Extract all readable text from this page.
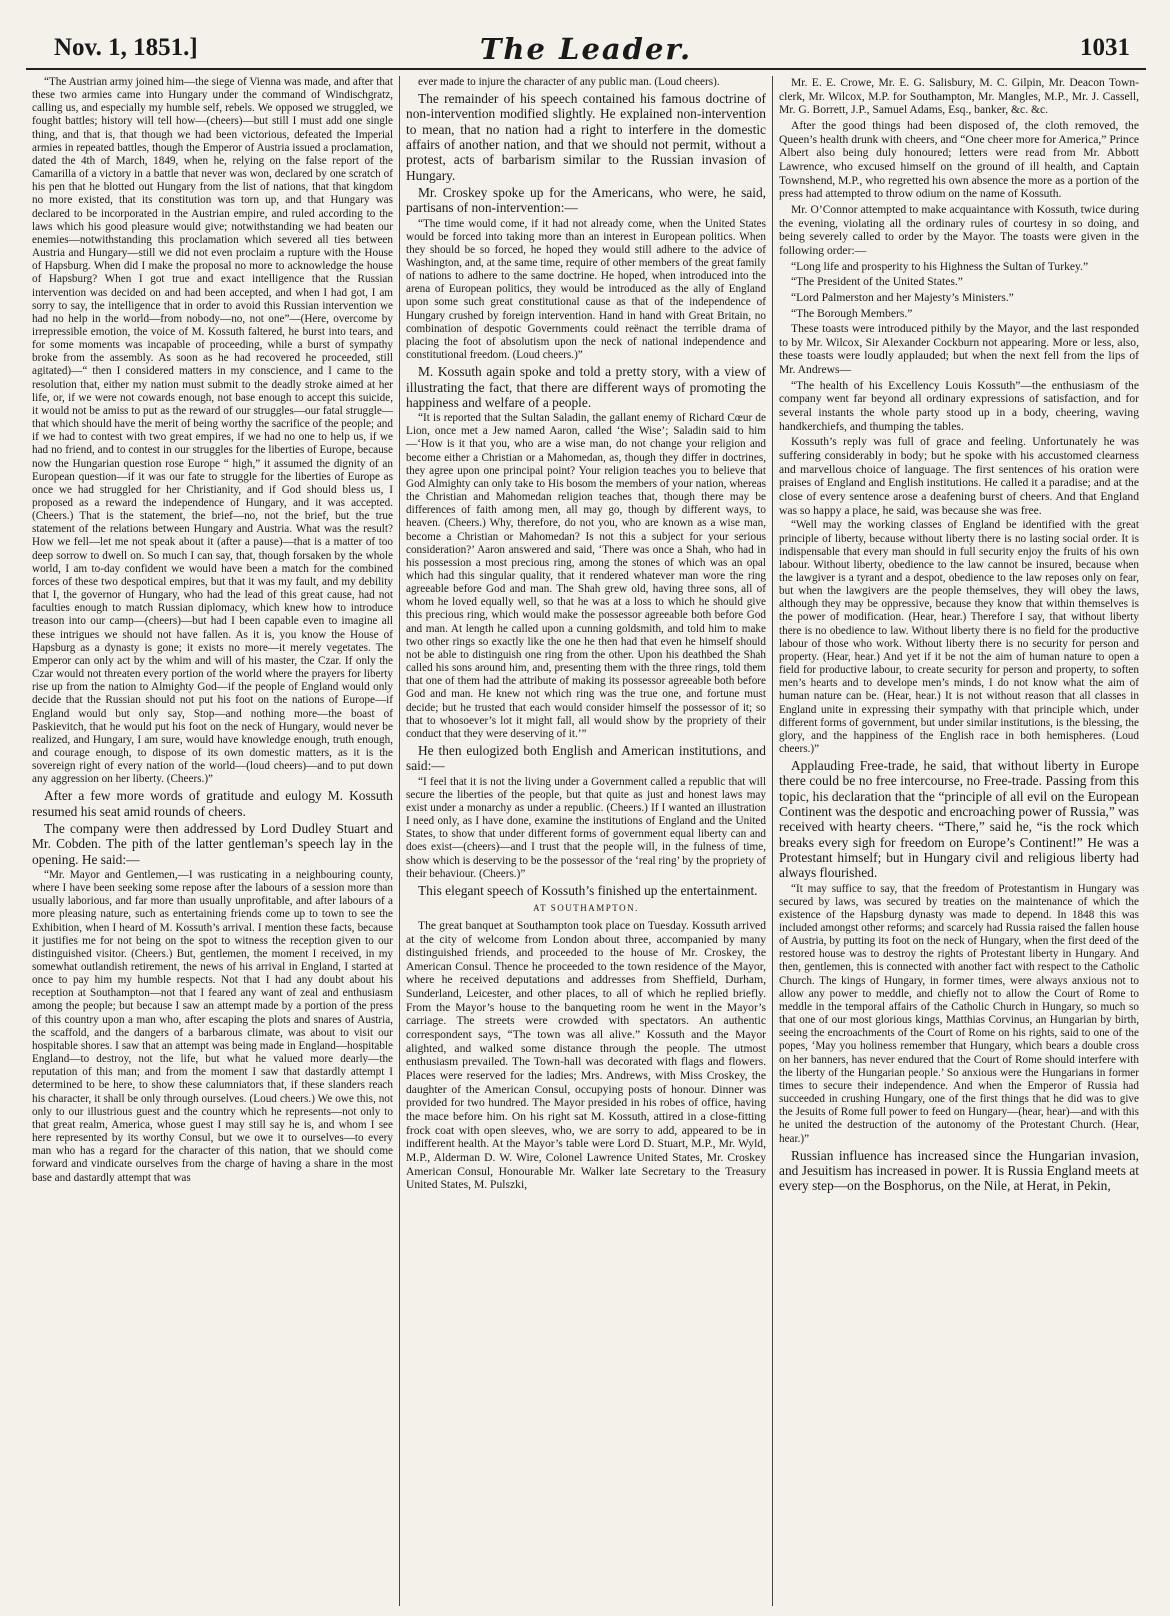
Nov. 1, 1851.]	The Leader.	1031

“The Austrian army joined him—the siege of Vienna was made, and after that these two armies came into Hungary under the command of Windischgratz, calling us, and especially my humble self, rebels. We opposed we struggled, we fought battles; history will tell how—(cheers)—but still I must add one single thing, and that is, that though we had been victorious, defeated the Imperial armies in repeated battles, though the Emperor of Austria issued a proclamation, dated the 4th of March, 1849, when he, relying on the false report of the Camarilla of a victory in a battle that never was won, declared by one scratch of his pen that he blotted out Hungary from the list of nations, that that kingdom no more existed, that its constitution was torn up, and that Hungary was declared to be incorporated in the Austrian empire, and ruled according to the laws which his good pleasure would give; notwithstanding we had beaten our enemies—notwithstanding this proclamation which severed all ties between Austria and Hungary—still we did not even proclaim a rupture with the House of Hapsburg. When did I make the proposal no more to acknowledge the house of Hapsburg? When I got true and exact intelligence that the Russian intervention was decided on and had been accepted, and when I had got, I am sorry to say, the intelligence that in order to avoid this Russian intervention we had no help in the world—from nobody—no, not one”—(Here, overcome by irrepressible emotion, the voice of M. Kossuth faltered, he burst into tears, and for some moments was incapable of proceeding, while a burst of sympathy broke from the assembly. As soon as he had recovered he proceeded, still agitated)—“ then I considered matters in my conscience, and I came to the resolution that, either my nation must submit to the deadly stroke aimed at her life, or, if we were not cowards enough, not base enough to accept this suicide, it would not be amiss to put as the reward of our struggles—our fatal struggle—that which should have the merit of being worthy the sacrifice of the people; and if we had to contest with two great empires, if we had no one to help us, if we had no friend, and to contest in our struggles for the liberties of Europe, because now the Hungarian question rose Europe “ high,” it assumed the dignity of an European question—if it was our fate to struggle for the liberties of Europe as once we had struggled for her Christianity, and if God should bless us, I proposed as a reward the independence of Hungary, and it was accepted. (Cheers.) That is the statement, the brief—no, not the brief, but the true statement of the relations between Hungary and Austria. What was the result? How we fell—let me not speak about it (after a pause)—that is a matter of too deep sorrow to dwell on. So much I can say, that, though forsaken by the whole world, I am to-day confident we would have been a match for the combined forces of these two despotical empires, but that it was my fault, and my debility that I, the governor of Hungary, who had the lead of this great cause, had not faculties enough to match Russian diplomacy, which knew how to introduce treason into our camp—(cheers)—but had I been capable even to imagine all these intrigues we should not have fallen. As it is, you know the House of Hapsburg as a dynasty is gone; it exists no more—it merely vegetates. The Emperor can only act by the whim and will of his master, the Czar. If only the Czar would not threaten every portion of the world where the prayers for liberty rise up from the nation to Almighty God—if the people of England would only decide that the Russian should not put his foot on the nations of Europe—if England would but only say, Stop—and nothing more—the boast of Paskievitch, that he would put his foot on the neck of Hungary, would never be realized, and Hungary, I am sure, would have knowledge enough, truth enough, and courage enough, to dispose of its own domestic matters, as it is the sovereign right of every nation of the world—(loud cheers)—and to put down any aggression on her liberty. (Cheers.)”

After a few more words of gratitude and eulogy M. Kossuth resumed his seat amid rounds of cheers.

The company were then addressed by Lord Dudley Stuart and Mr. Cobden. The pith of the latter gentleman’s speech lay in the opening. He said:—

“Mr. Mayor and Gentlemen,—I was rusticating in a neighbouring county, where I have been seeking some repose after the labours of a session more than usually laborious, and far more than usually unprofitable, and after labours of a more pleasing nature, such as entertaining friends come up to town to see the Exhibition, when I heard of M. Kossuth’s arrival. I mention these facts, because it justifies me for not being on the spot to witness the reception given to our distinguished visitor. (Cheers.) But, gentlemen, the moment I received, in my somewhat outlandish retirement, the news of his arrival in England, I started at once to pay him my humble respects. Not that I had any doubt about his reception at Southampton—not that I feared any want of zeal and enthusiasm among the people; but because I saw an attempt made by a portion of the press of this country upon a man who, after escaping the plots and snares of Austria, the scaffold, and the dangers of a barbarous climate, was about to visit our hospitable shores. I saw that an attempt was being made in England—hospitable England—to destroy, not the life, but what he valued more dearly—the reputation of this man; and from the moment I saw that dastardly attempt I determined to be here, to show these calumniators that, if these slanders reach his character, it shall be only through ourselves. (Loud cheers.) We owe this, not only to our illustrious guest and the country which he represents—not only to that great realm, America, whose guest I may still say he is, and whom I see here represented by its worthy Consul, but we owe it to ourselves—to every man who has a regard for the character of this nation, that we should come forward and vindicate ourselves from the charge of having a share in the most base and dastardly attempt that was

ever made to injure the character of any public man. (Loud cheers).

The remainder of his speech contained his famous doctrine of non-intervention modified slightly. He explained non-intervention to mean, that no nation had a right to interfere in the domestic affairs of another nation, and that we should not permit, without a protest, acts of barbarism similar to the Russian invasion of Hungary.

Mr. Croskey spoke up for the Americans, who were, he said, partisans of non-intervention:—

“The time would come, if it had not already come, when the United States would be forced into taking more than an interest in European politics. When they should be so forced, he hoped they would still adhere to the advice of Washington, and, at the same time, require of other members of the great family of nations to adhere to the same doctrine. He hoped, when introduced into the arena of European politics, they would be introduced as the ally of England upon some such great constitutional cause as that of the independence of Hungary crushed by foreign intervention. Hand in hand with Great Britain, no combination of despotic Governments could reënact the terrible drama of placing the foot of absolutism upon the neck of national independence and constitutional freedom. (Loud cheers.)”

M. Kossuth again spoke and told a pretty story, with a view of illustrating the fact, that there are different ways of promoting the happiness and welfare of a people.

“It is reported that the Sultan Saladin, the gallant enemy of Richard Cœur de Lion, once met a Jew named Aaron, called ‘the Wise’; Saladin said to him—‘How is it that you, who are a wise man, do not change your religion and become either a Christian or a Mahomedan, as, though they differ in doctrines, they agree upon one principal point? Your religion teaches you to believe that God Almighty can only take to His bosom the members of your nation, whereas the Christian and Mahomedan religion teaches that, though there may be differences of faith among men, all may go, though by different ways, to heaven. (Cheers.) Why, therefore, do not you, who are known as a wise man, become a Christian or Mahomedan? Is not this a subject for your serious consideration?’ Aaron answered and said, ‘There was once a Shah, who had in his possession a most precious ring, among the stones of which was an opal which had this singular quality, that it rendered whatever man wore the ring agreeable before God and man. The Shah grew old, having three sons, all of whom he loved equally well, so that he was at a loss to which he should give this precious ring, which would make the possessor agreeable both before God and man. At length he called upon a cunning goldsmith, and told him to make two other rings so exactly like the one he then had that even he himself should not be able to distinguish one ring from the other. Upon his deathbed the Shah called his sons around him, and, presenting them with the three rings, told them that one of them had the attribute of making its possessor agreeable both before God and man. He knew not which ring was the true one, and fortune must decide; but he trusted that each would consider himself the possessor of it; so that to whosoever’s lot it might fall, all would show by the propriety of their conduct that they were deserving of it.’”

He then eulogized both English and American institutions, and said:—

“I feel that it is not the living under a Government called a republic that will secure the liberties of the people, but that quite as just and honest laws may exist under a monarchy as under a republic. (Cheers.) If I wanted an illustration I need only, as I have done, examine the institutions of England and the United States, to show that under different forms of government equal liberty can and does exist—(cheers)—and I trust that the people will, in the fulness of time, show which is deserving to be the possessor of the ‘real ring’ by the propriety of their behaviour. (Cheers.)”

This elegant speech of Kossuth’s finished up the entertainment.

AT SOUTHAMPTON.

The great banquet at Southampton took place on Tuesday. Kossuth arrived at the city of welcome from London about three, accompanied by many distinguished friends, and proceeded to the house of Mr. Croskey, the American Consul. Thence he proceeded to the town residence of the Mayor, where he received deputations and addresses from Sheffield, Durham, Sunderland, Leicester, and other places, to all of which he replied briefly. From the Mayor’s house to the banqueting room he went in the Mayor’s carriage. The streets were crowded with spectators. An authentic correspondent says, “The town was all alive.” Kossuth and the Mayor alighted, and walked some distance through the people. The utmost enthusiasm prevailed. The Town-hall was decorated with flags and flowers. Places were reserved for the ladies; Mrs. Andrews, with Miss Croskey, the daughter of the American Consul, occupying posts of honour. Dinner was provided for two hundred. The Mayor presided in his robes of office, having the mace before him. On his right sat M. Kossuth, attired in a close-fitting frock coat with open sleeves, who, we are sorry to add, appeared to be in indifferent health. At the Mayor’s table were Lord D. Stuart, M.P., Mr. Wyld, M.P., Alderman D. W. Wire, Colonel Lawrence United States, Mr. Croskey American Consul, Honourable Mr. Walker late Secretary to the Treasury United States, M. Pulszki,

Mr. E. E. Crowe, Mr. E. G. Salisbury, M. C. Gilpin, Mr. Deacon Town-clerk, Mr. Wilcox, M.P. for Southampton, Mr. Mangles, M.P., Mr. J. Cassell, Mr. G. Borrett, J.P., Samuel Adams, Esq., banker, &c. &c.

After the good things had been disposed of, the cloth removed, the Queen’s health drunk with cheers, and “One cheer more for America,” Prince Albert also being duly honoured; letters were read from Mr. Abbott Lawrence, who excused himself on the ground of ill health, and Captain Townshend, M.P., who regretted his own absence the more as a portion of the press had attempted to throw odium on the name of Kossuth.

Mr. O’Connor attempted to make acquaintance with Kossuth, twice during the evening, violating all the ordinary rules of courtesy in so doing, and being severely called to order by the Mayor. The toasts were given in the following order:—

“Long life and prosperity to his Highness the Sultan of Turkey.”

“The President of the United States.”

“Lord Palmerston and her Majesty’s Ministers.”

“The Borough Members.”

These toasts were introduced pithily by the Mayor, and the last responded to by Mr. Wilcox, Sir Alexander Cockburn not appearing. More or less, also, these toasts were loudly applauded; but when the next fell from the lips of Mr. Andrews—

“The health of his Excellency Louis Kossuth”—the enthusiasm of the company went far beyond all ordinary expressions of satisfaction, and for several instants the whole party stood up in a body, cheering, waving handkerchiefs, and thumping the tables.

Kossuth’s reply was full of grace and feeling. Unfortunately he was suffering considerably in body; but he spoke with his accustomed clearness and marvellous choice of language. The first sentences of his oration were praises of England and English institutions. He called it a paradise; and at the close of every sentence arose a deafening burst of cheers. And that England was so happy a place, he said, was because she was free.

“Well may the working classes of England be identified with the great principle of liberty, because without liberty there is no lasting social order. It is indispensable that every man should in full security enjoy the fruits of his own labour. Without liberty, obedience to the law cannot be insured, because when the lawgiver is a tyrant and a despot, obedience to the law reposes only on fear, but when the lawgivers are the people themselves, they will obey the laws, although they may be oppressive, because they know that within themselves is the power of modification. (Hear, hear.) Therefore I say, that without liberty there is no obedience to law. Without liberty there is no field for the productive labour of those who work. Without liberty there is no security for person and property. (Hear, hear.) And yet if it be not the aim of human nature to open a field for productive labour, to create security for person and property, to soften men’s hearts and to develope men’s minds, I do not know what the aim of human nature can be. (Hear, hear.) It is not without reason that all classes in England unite in expressing their sympathy with that principle which, under different forms of government, but under similar institutions, is the blessing, the glory, and the happiness of the English race in both hemispheres. (Loud cheers.)”

Applauding Free-trade, he said, that without liberty in Europe there could be no free intercourse, no Free-trade. Passing from this topic, his declaration that the “principle of all evil on the European Continent was the despotic and encroaching power of Russia,” was received with hearty cheers. “There,” said he, “is the rock which breaks every sigh for freedom on Europe’s Continent!” He was a Protestant himself; but in Hungary civil and religious liberty had always flourished.

“It may suffice to say, that the freedom of Protestantism in Hungary was secured by laws, was secured by treaties on the maintenance of which the existence of the Hapsburg dynasty was made to depend. In 1848 this was included amongst other reforms; and scarcely had Russia raised the fallen house of Austria, by putting its foot on the neck of Hungary, when the first deed of the restored house was to destroy the rights of Protestant liberty in Hungary. And then, gentlemen, this is connected with another fact with respect to the Catholic Church. The kings of Hungary, in former times, were always anxious not to allow any power to meddle, and chiefly not to allow the Court of Rome to meddle in the temporal affairs of the Catholic Church in Hungary, so much so that one of our most glorious kings, Matthias Corvinus, an Hungarian by birth, seeing the encroachments of the Court of Rome on his rights, said to one of the popes, ‘May you holiness remember that Hungary, which bears a double cross on her banners, has never endured that the Court of Rome should interfere with the liberty of the Hungarian people.’ So anxious were the Hungarians in former times to secure their independence. And when the Emperor of Russia had succeeded in crushing Hungary, one of the first things that he did was to give the Jesuits of Rome full power to feed on Hungary—(hear, hear)—and with this he united the destruction of the autonomy of the Protestant Church. (Hear, hear.)”

Russian influence has increased since the Hungarian invasion, and Jesuitism has increased in power. It is Russia England meets at every step—on the Bosphorus, on the Nile, at Herat, in Pekin,
